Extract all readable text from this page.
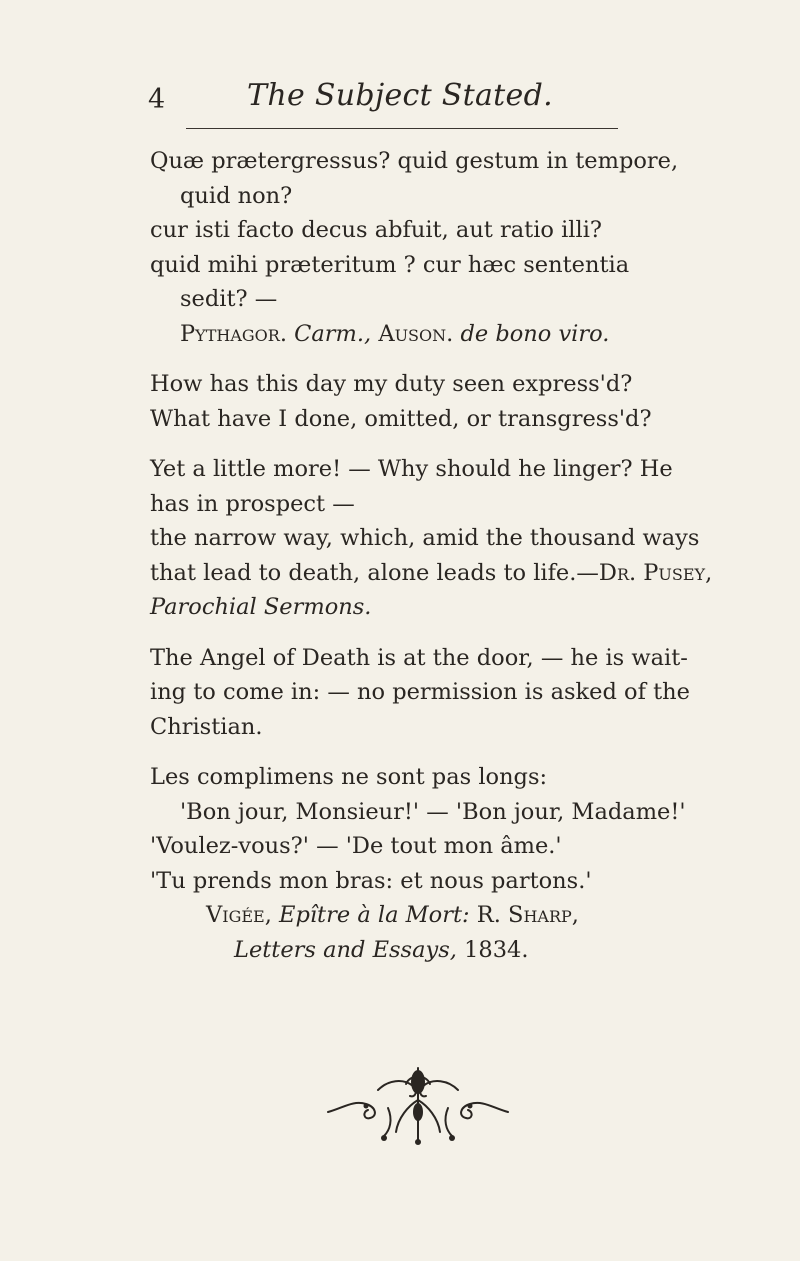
4	The Subject Stated.
Quæ prætergressus? quid gestum in tempore,
quid non?
cur isti facto decus abfuit, aut ratio illi?
quid mihi præteritum ? cur hæc sententia
sedit? —
Pythagor. Carm., Auson. de bono viro.
How has this day my duty seen express'd?
What have I done, omitted, or transgress'd?
Yet a little more! — Why should he linger? He
has in prospect —
the narrow way, which, amid the thousand ways
that lead to death, alone leads to life.—Dr. Pusey,
Parochial Sermons.
The Angel of Death is at the door, — he is wait-
ing to come in: — no permission is asked of the
Christian.
Les complimens ne sont pas longs:
'Bon jour, Monsieur!' — 'Bon jour, Madame!'
'Voulez-vous?' — 'De tout mon âme.'
'Tu prends mon bras: et nous partons.'
Vigée, Epître à la Mort: R. Sharp,
Letters and Essays, 1834.
